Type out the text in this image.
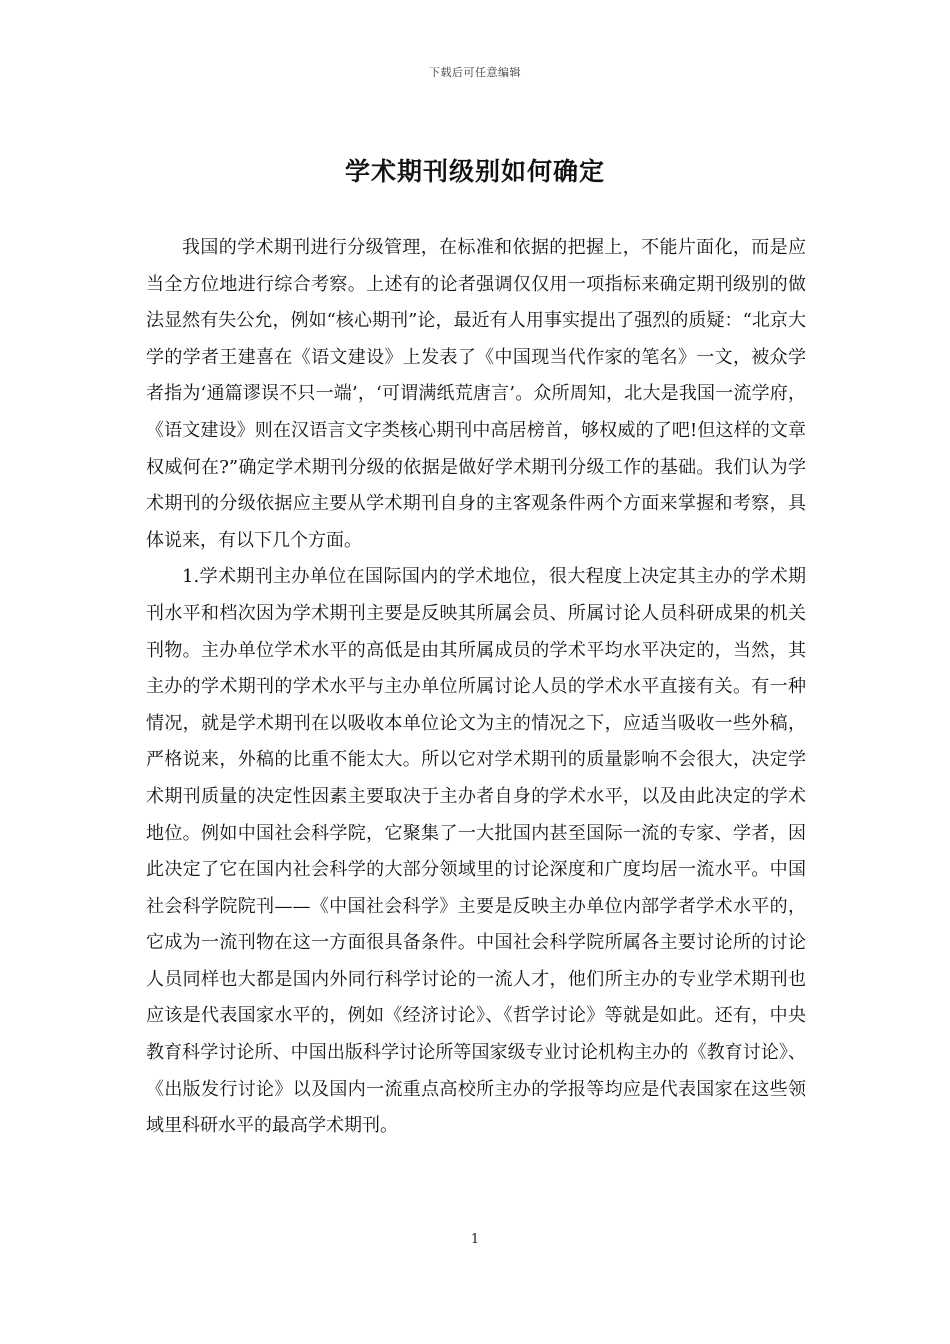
下载后可任意编辑
学术期刊级别如何确定

我国的学术期刊进行分级管理，在标准和依据的把握上，不能片面化，而是应当全方位地进行综合考察。上述有的论者强调仅仅用一项指标来确定期刊级别的做法显然有失公允，例如“核心期刊”论，最近有人用事实提出了强烈的质疑：“北京大学的学者王建喜在《语文建设》上发表了《中国现当代作家的笔名》一文，被众学者指为‘通篇谬误不只一端’，‘可谓满纸荒唐言’。众所周知，北大是我国一流学府，《语文建设》则在汉语言文字类核心期刊中高居榜首，够权威的了吧!但这样的文章权威何在?”确定学术期刊分级的依据是做好学术期刊分级工作的基础。我们认为学术期刊的分级依据应主要从学术期刊自身的主客观条件两个方面来掌握和考察，具体说来，有以下几个方面。

1.学术期刊主办单位在国际国内的学术地位，很大程度上决定其主办的学术期刊水平和档次因为学术期刊主要是反映其所属会员、所属讨论人员科研成果的机关刊物。主办单位学术水平的高低是由其所属成员的学术平均水平决定的，当然，其主办的学术期刊的学术水平与主办单位所属讨论人员的学术水平直接有关。有一种情况，就是学术期刊在以吸收本单位论文为主的情况之下，应适当吸收一些外稿，严格说来，外稿的比重不能太大。所以它对学术期刊的质量影响不会很大，决定学术期刊质量的决定性因素主要取决于主办者自身的学术水平，以及由此决定的学术地位。例如中国社会科学院，它聚集了一大批国内甚至国际一流的专家、学者，因此决定了它在国内社会科学的大部分领域里的讨论深度和广度均居一流水平。中国社会科学院院刊——《中国社会科学》主要是反映主办单位内部学者学术水平的，它成为一流刊物在这一方面很具备条件。中国社会科学院所属各主要讨论所的讨论人员同样也大都是国内外同行科学讨论的一流人才，他们所主办的专业学术期刊也应该是代表国家水平的，例如《经济讨论》、《哲学讨论》等就是如此。还有，中央教育科学讨论所、中国出版科学讨论所等国家级专业讨论机构主办的《教育讨论》、《出版发行讨论》以及国内一流重点高校所主办的学报等均应是代表国家在这些领域里科研水平的最高学术期刊。

1
